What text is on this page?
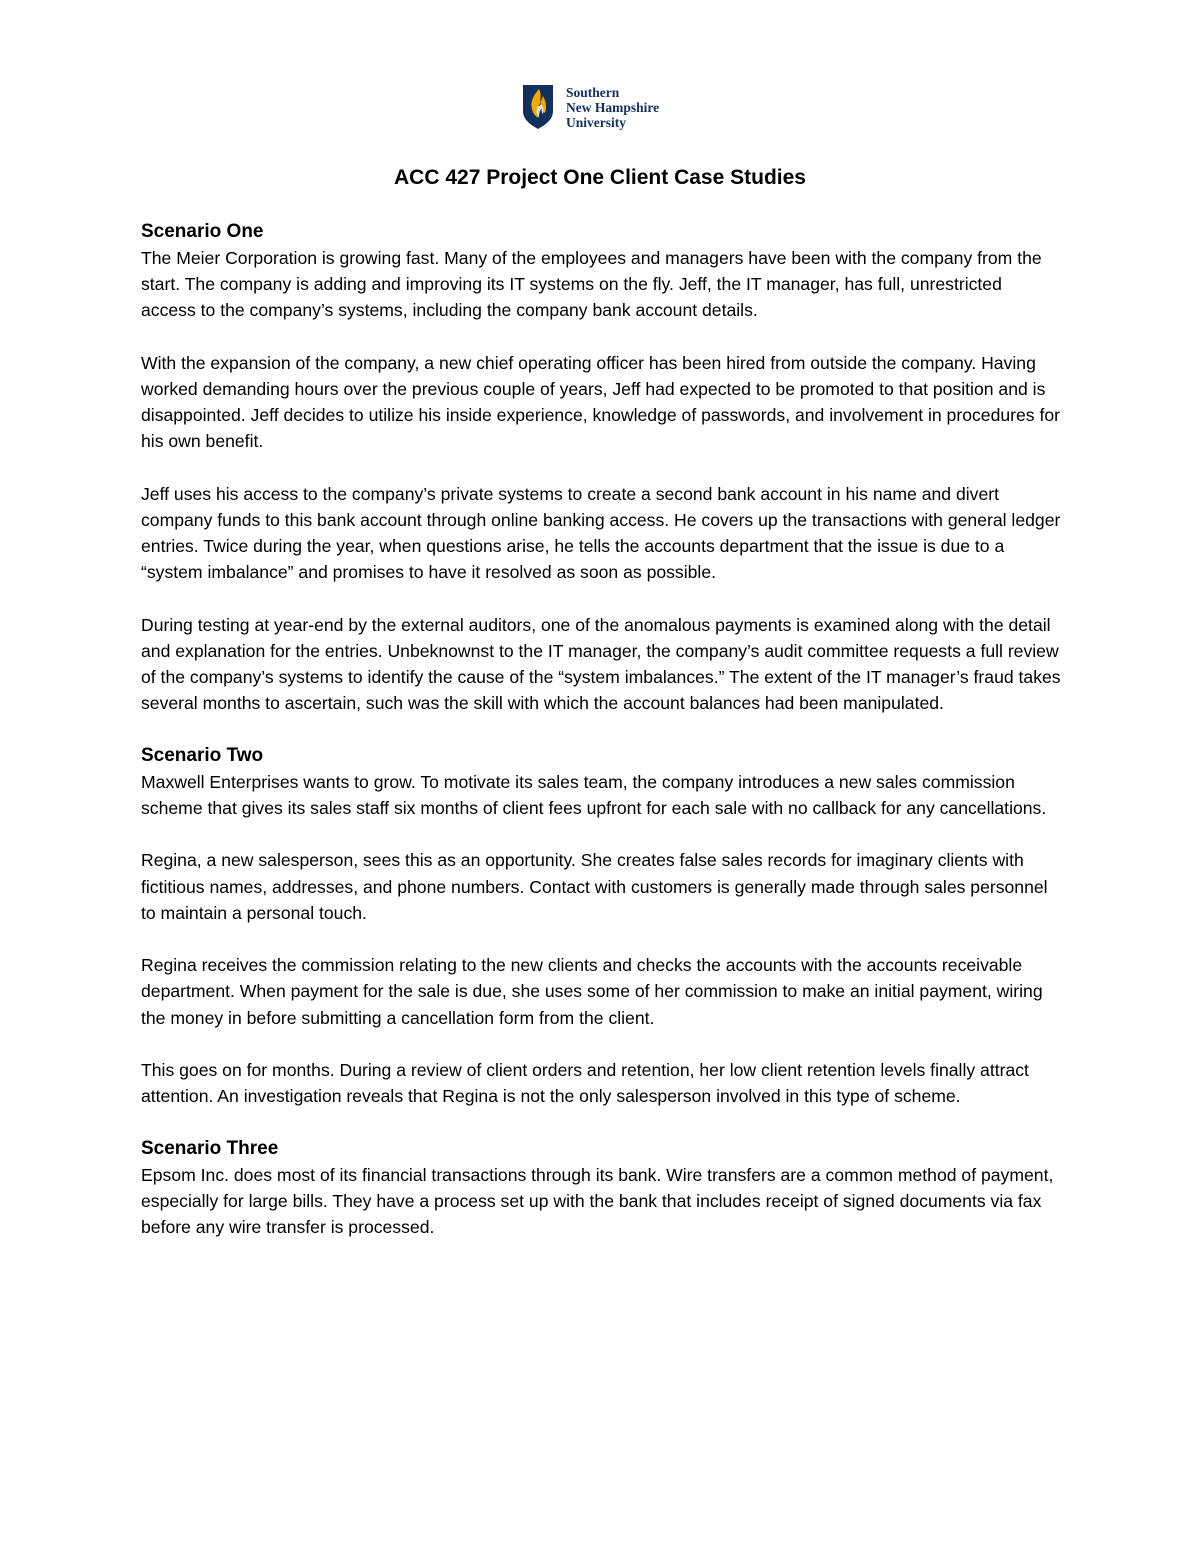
Southern
New Hampshire
University
ACC 427 Project One Client Case Studies
Scenario One

The Meier Corporation is growing fast. Many of the employees and managers have been with the company from the start. The company is adding and improving its IT systems on the fly. Jeff, the IT manager, has full, unrestricted access to the company’s systems, including the company bank account details.

With the expansion of the company, a new chief operating officer has been hired from outside the company. Having worked demanding hours over the previous couple of years, Jeff had expected to be promoted to that position and is disappointed. Jeff decides to utilize his inside experience, knowledge of passwords, and involvement in procedures for his own benefit.

Jeff uses his access to the company’s private systems to create a second bank account in his name and divert company funds to this bank account through online banking access. He covers up the transactions with general ledger entries. Twice during the year, when questions arise, he tells the accounts department that the issue is due to a “system imbalance” and promises to have it resolved as soon as possible.

During testing at year-end by the external auditors, one of the anomalous payments is examined along with the detail and explanation for the entries. Unbeknownst to the IT manager, the company’s audit committee requests a full review of the company’s systems to identify the cause of the “system imbalances.” The extent of the IT manager’s fraud takes several months to ascertain, such was the skill with which the account balances had been manipulated.

Scenario Two

Maxwell Enterprises wants to grow. To motivate its sales team, the company introduces a new sales commission scheme that gives its sales staff six months of client fees upfront for each sale with no callback for any cancellations.

Regina, a new salesperson, sees this as an opportunity. She creates false sales records for imaginary clients with fictitious names, addresses, and phone numbers. Contact with customers is generally made through sales personnel to maintain a personal touch.

Regina receives the commission relating to the new clients and checks the accounts with the accounts receivable department. When payment for the sale is due, she uses some of her commission to make an initial payment, wiring the money in before submitting a cancellation form from the client.

This goes on for months. During a review of client orders and retention, her low client retention levels finally attract attention. An investigation reveals that Regina is not the only salesperson involved in this type of scheme.

Scenario Three

Epsom Inc. does most of its financial transactions through its bank. Wire transfers are a common method of payment, especially for large bills. They have a process set up with the bank that includes receipt of signed documents via fax before any wire transfer is processed.
